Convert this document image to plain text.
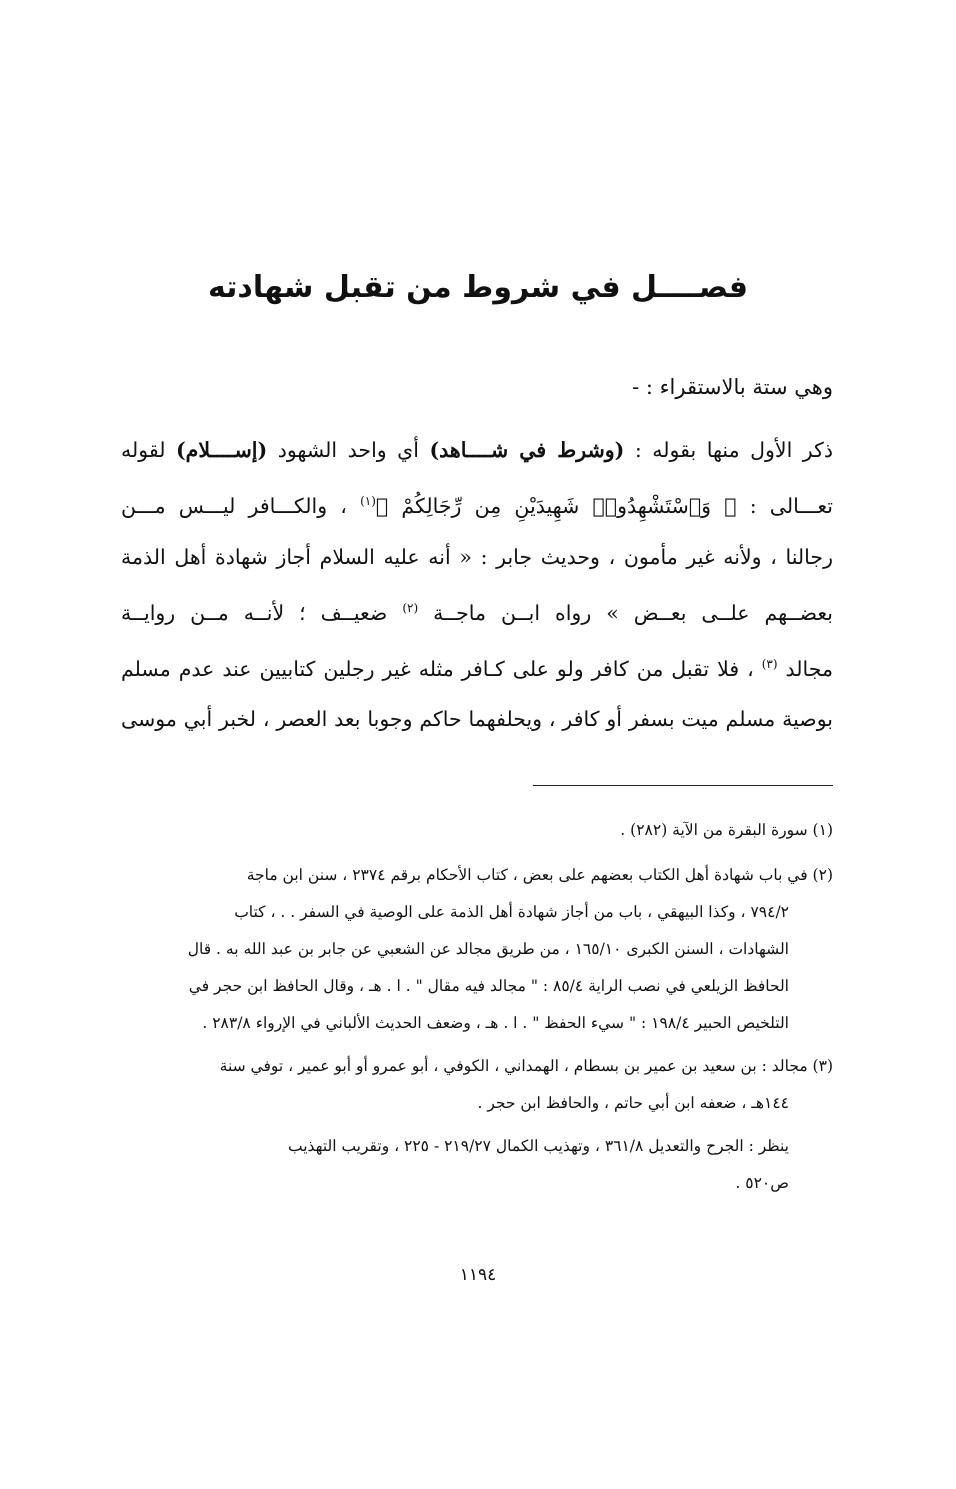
فصــــل في شروط من تقبل شهادته
وهي ستة بالاستقراء : -
ذكر الأول منها بقوله : (وشرط في شــــاهد) أي واحد الشهود (إســــلام) لقوله
تعـــالى : ﴿ وَٱسْتَشْهِدُوا۟ شَهِيدَيْنِ مِن رِّجَالِكُمْ ﴾$^{(١)}$ ، والكـــافر ليـــس مـــن
رجالنا ، ولأنه غير مأمون ، وحديث جابر : « أنه عليه السلام أجاز شهادة أهل الذمة
بعضــهم علــى بعــض » رواه ابــن ماجــة $^{(٢)}$ ضعيــف ؛ لأنــه مــن روايــة
مجالد $^{(٣)}$ ، فلا تقبل من كافر ولو على كـافر مثله غير رجلين كتابيين عند عدم مسلم
بوصية مسلم ميت بسفر أو كافر ، ويحلفهما حاكم وجوبا بعد العصر ، لخبر أبي موسى
(١) سورة البقرة من الآية (٢٨٢) .
(٢) في باب شهادة أهل الكتاب بعضهم على بعض ، كتاب الأحكام برقم ٢٣٧٤ ، سنن ابن ماجة
٧٩٤/٢ ، وكذا البيهقي ، باب من أجاز شهادة أهل الذمة على الوصية في السفر . . ، كتاب
الشهادات ، السنن الكبرى ١٦٥/١٠ ، من طريق مجالد عن الشعبي عن جابر بن عبد الله به . قال
الحافظ الزيلعي في نصب الراية ٨٥/٤ : " مجالد فيه مقال " . ا . هـ ، وقال الحافظ ابن حجر في
التلخيص الحبير ١٩٨/٤ : " سيء الحفظ " . ا . هـ ، وضعف الحديث الألباني في الإرواء ٢٨٣/٨ .
(٣) مجالد : بن سعيد بن عمير بن بسطام ، الهمداني ، الكوفي ، أبو عمرو أو أبو عمير ، توفي سنة
١٤٤هـ ، ضعفه ابن أبي حاتم ، والحافظ ابن حجر .
ينظر : الجرح والتعديل ٣٦١/٨ ، وتهذيب الكمال ٢١٩/٢٧ - ٢٢٥ ، وتقريب التهذيب
ص٥٢٠ .
١١٩٤
